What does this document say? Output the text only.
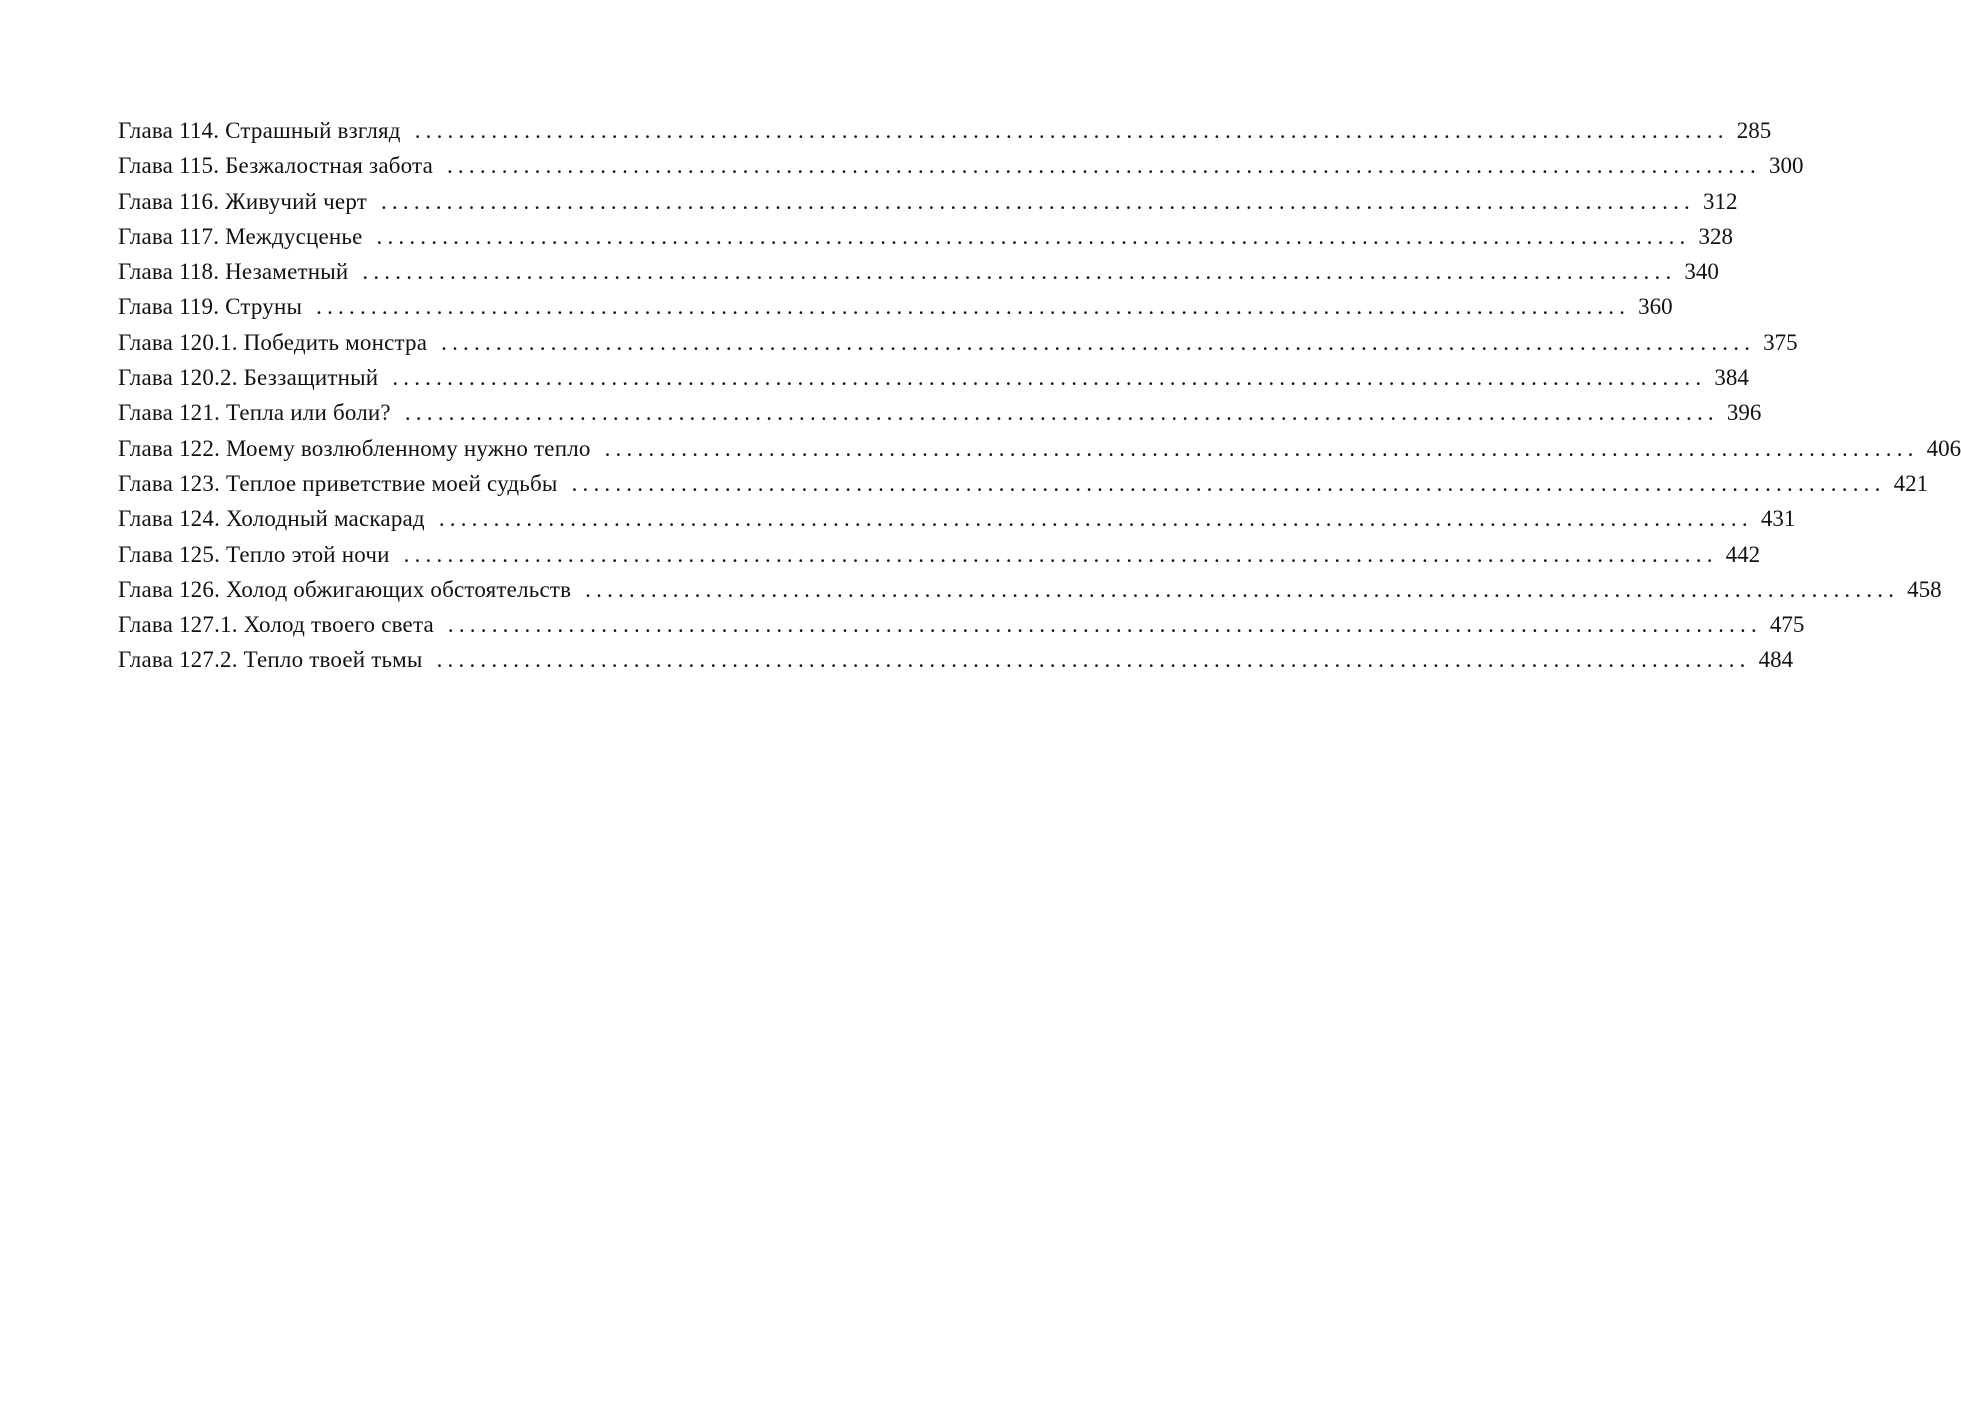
Глава 114. Страшный взгляд ........................................................................................................................ 285
Глава 115. Безжалостная забота ........................................................................................................................ 300
Глава 116. Живучий черт ........................................................................................................................ 312
Глава 117. Междусценье ........................................................................................................................ 328
Глава 118. Незаметный ........................................................................................................................ 340
Глава 119. Струны ........................................................................................................................ 360
Глава 120.1. Победить монстра ........................................................................................................................ 375
Глава 120.2. Беззащитный ........................................................................................................................ 384
Глава 121. Тепла или боли? ........................................................................................................................ 396
Глава 122. Моему возлюбленному нужно тепло ........................................................................................................................ 406
Глава 123. Теплое приветствие моей судьбы ........................................................................................................................ 421
Глава 124. Холодный маскарад ........................................................................................................................ 431
Глава 125. Тепло этой ночи ........................................................................................................................ 442
Глава 126. Холод обжигающих обстоятельств ........................................................................................................................ 458
Глава 127.1. Холод твоего света ........................................................................................................................ 475
Глава 127.2. Тепло твоей тьмы ........................................................................................................................ 484
